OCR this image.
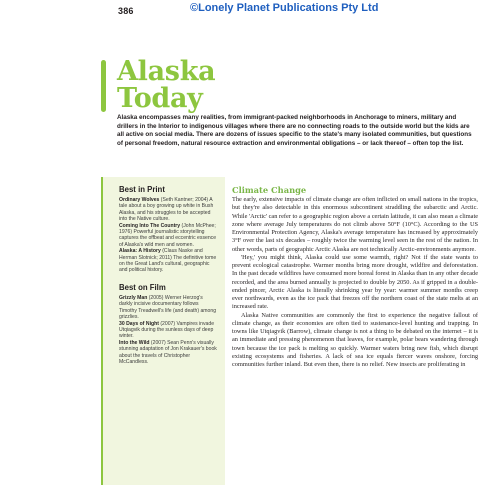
386	©Lonely Planet Publications Pty Ltd
Alaska
Today

Alaska encompasses many realities, from immigrant-packed neighborhoods in Anchorage to miners, military and drillers in the Interior to indigenous villages where there are no connecting roads to the outside world but the kids are all active on social media. There are dozens of issues specific to the state's many isolated communities, but questions of personal freedom, natural resource extraction and environmental obligations – or lack thereof – often top the list.

Best in Print

Ordinary Wolves (Seth Kantner; 2004) A tale about a boy growing up white in Bush Alaska, and his struggles to be accepted into the Native culture.

Coming Into The Country (John McPhee; 1976) Powerful journalistic storytelling captures the offbeat and eccentric essence of Alaska's wild men and women.

Alaska: A History (Claus Naske and Herman Slotnick; 2011) The definitive tome on the Great Land's cultural, geographic and political history.

Best on Film

Grizzly Man (2005) Werner Herzog's darkly incisive documentary follows Timothy Treadwell's life (and death) among grizzlies.

30 Days of Night (2007) Vampires invade Utqiagvik during the sunless days of deep winter.

Into the Wild (2007) Sean Penn's visually stunning adaptation of Jon Krakauer's book about the travels of Christopher McCandless.

Climate Change

The early, extensive impacts of climate change are often inflicted on small nations in the tropics, but they're also detectable in this enormous subcontinent straddling the subarctic and Arctic. While 'Arctic' can refer to a geographic region above a certain latitude, it can also mean a climate zone where average July temperatures do not climb above 50°F (10°C). According to the US Environmental Protection Agency, Alaska's average temperature has increased by approximately 3°F over the last six decades – roughly twice the warming level seen in the rest of the nation. In other words, parts of geographic Arctic Alaska are not technically Arctic-environments anymore.

'Hey,' you might think, Alaska could use some warmth, right? Not if the state wants to prevent ecological catastrophe. Warmer months bring more drought, wildfire and deforestation. In the past decade wildfires have consumed more boreal forest in Alaska than in any other decade recorded, and the area burned annually is projected to double by 2050. As if gripped in a double-ended pincer, Arctic Alaska is literally shrinking year by year: warmer summer months creep ever northwards, even as the ice pack that freezes off the northern coast of the state melts at an increased rate.

Alaska Native communities are commonly the first to experience the negative fallout of climate change, as their economies are often tied to sustenance-level hunting and trapping. In towns like Utqiagvik (Barrow), climate change is not a thing to be debated on the internet – it is an immediate and pressing phenomenon that leaves, for example, polar bears wandering through town because the ice pack is melting so quickly. Warmer waters bring new fish, which disrupt existing ecosystems and fisheries. A lack of sea ice equals fiercer waves onshore, forcing communities further inland. But even then, there is no relief. New insects are proliferating in
